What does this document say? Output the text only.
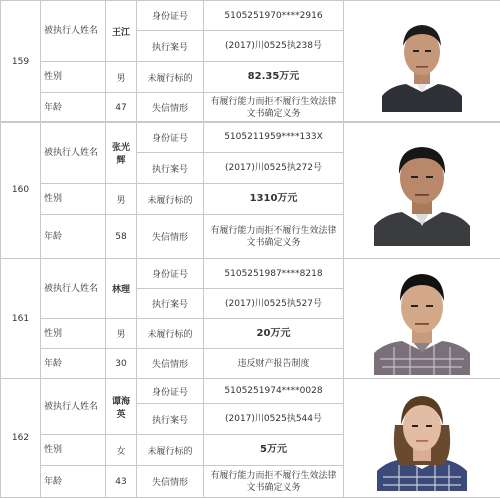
159	被执行人姓名	王江	身份证号	5105251970****2916	

			执行案号	(2017)川0525执238号	
	性别	男	未履行标的	82.35万元	
	年龄	47	失信情形	有履行能力而拒不履行生效法律文书确定义务	
160	被执行人姓名	张光辉	身份证号	5105211959****133X	

			执行案号	(2017)川0525执272号	
	性别	男	未履行标的	1310万元	
	年龄	58	失信情形	有履行能力而拒不履行生效法律文书确定义务	
161	被执行人姓名	林理	身份证号	5105251987****8218	

			执行案号	(2017)川0525执527号	
	性别	男	未履行标的	20万元	
	年龄	30	失信情形	违反财产报告制度	
162	被执行人姓名	谭海英	身份证号	5105251974****0028	

			执行案号	(2017)川0525执544号	
	性别	女	未履行标的	5万元	
	年龄	43	失信情形	有履行能力而拒不履行生效法律文书确定义务	
